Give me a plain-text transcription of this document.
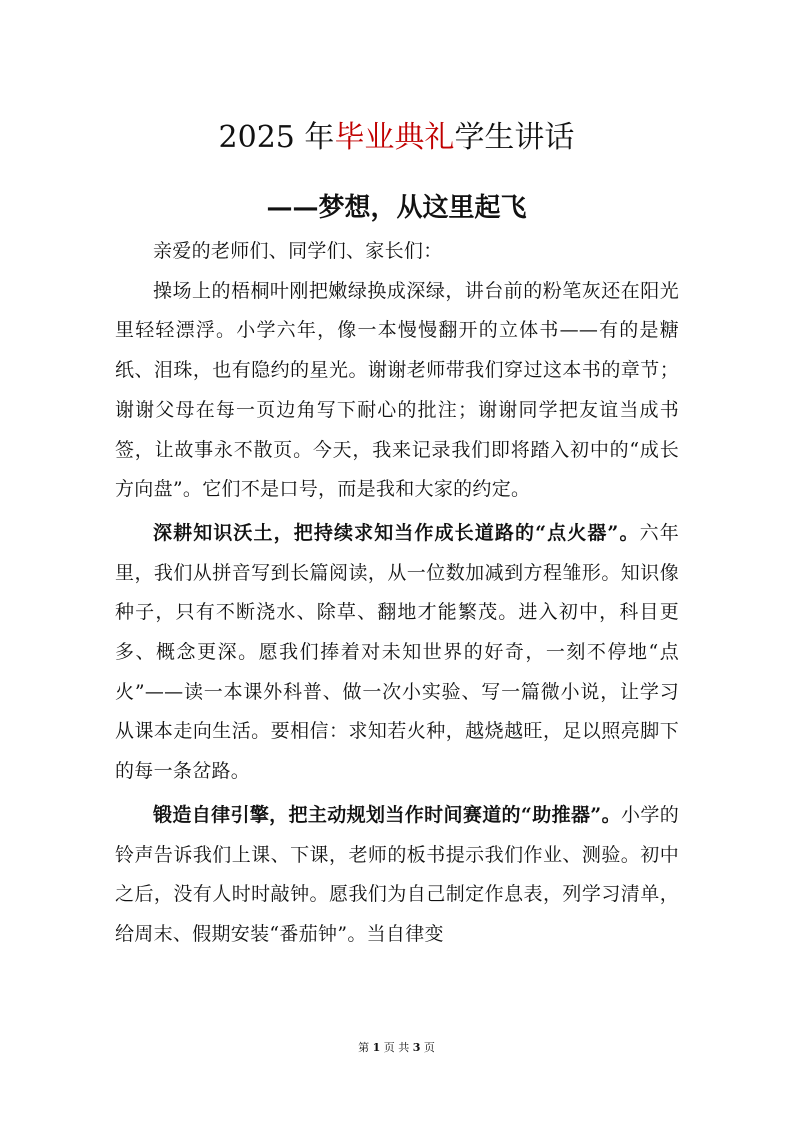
2025 年毕业典礼学生讲话
——梦想，从这里起飞

亲爱的老师们、同学们、家长们：

操场上的梧桐叶刚把嫩绿换成深绿，讲台前的粉笔灰还在阳光里轻轻漂浮。小学六年，像一本慢慢翻开的立体书——有的是糖纸、泪珠，也有隐约的星光。谢谢老师带我们穿过这本书的章节；谢谢父母在每一页边角写下耐心的批注；谢谢同学把友谊当成书签，让故事永不散页。今天，我来记录我们即将踏入初中的“成长方向盘”。它们不是口号，而是我和大家的约定。

深耕知识沃土，把持续求知当作成长道路的“点火器”。六年里，我们从拼音写到长篇阅读，从一位数加减到方程雏形。知识像种子，只有不断浇水、除草、翻地才能繁茂。进入初中，科目更多、概念更深。愿我们捧着对未知世界的好奇，一刻不停地“点火”——读一本课外科普、做一次小实验、写一篇微小说，让学习从课本走向生活。要相信：求知若火种，越烧越旺，足以照亮脚下的每一条岔路。

锻造自律引擎，把主动规划当作时间赛道的“助推器”。小学的铃声告诉我们上课、下课，老师的板书提示我们作业、测验。初中之后，没有人时时敲钟。愿我们为自己制定作息表，列学习清单，给周末、假期安装“番茄钟”。当自律变

第 1 页 共 3 页
